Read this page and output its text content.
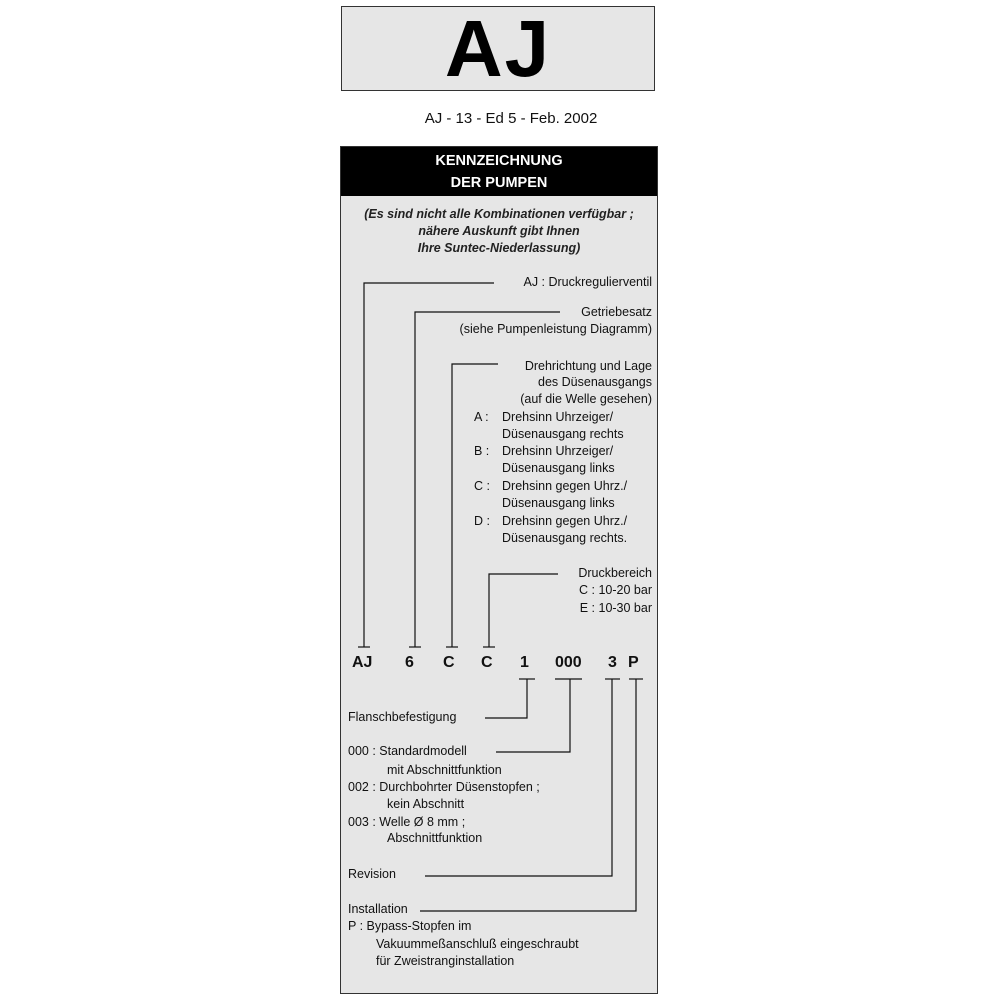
AJ
AJ - 13 - Ed 5 - Feb. 2002
KENNZEICHNUNG
DER PUMPEN
(Es sind nicht alle Kombinationen verfügbar ;
nähere Auskunft gibt Ihnen
Ihre Suntec-Niederlassung)
AJ : Druckregulierventil
Getriebesatz
(siehe Pumpenleistung Diagramm)
Drehrichtung und Lage
des Düsenausgangs
(auf die Welle gesehen)
A : Drehsinn Uhrzeiger/
Düsenausgang rechts
B : Drehsinn Uhrzeiger/
Düsenausgang links
C : Drehsinn gegen Uhrz./
Düsenausgang links
D : Drehsinn gegen Uhrz./
Düsenausgang rechts.
Druckbereich
C : 10-20 bar
E : 10-30 bar
AJ 6 C C 1 000 3 P
Flanschbefestigung
000 : Standardmodell
mit Abschnittfunktion
002 : Durchbohrter Düsenstopfen ;
kein Abschnitt
003 : Welle Ø 8 mm ;
Abschnittfunktion
Revision
Installation
P : Bypass-Stopfen im
Vakuummeßanschluß eingeschraubt
für Zweistranginstallation
